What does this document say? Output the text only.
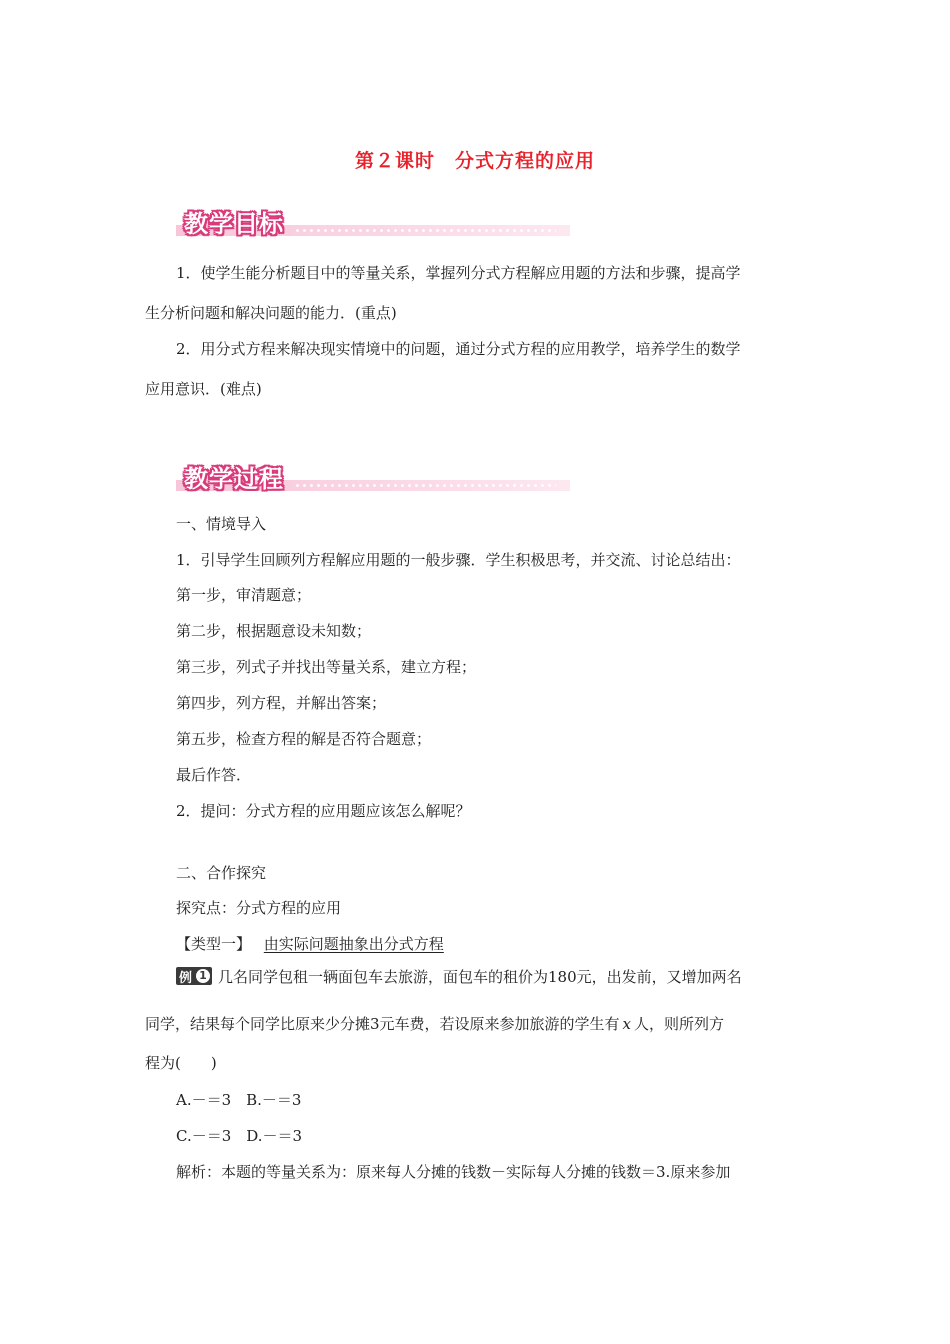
第２课时　分式方程的应用
教学目标
1．使学生能分析题目中的等量关系，掌握列分式方程解应用题的方法和步骤，提高学
生分析问题和解决问题的能力．(重点)
2．用分式方程来解决现实情境中的问题，通过分式方程的应用教学，培养学生的数学
应用意识．(难点)
教学过程
一、情境导入
1．引导学生回顾列方程解应用题的一般步骤．学生积极思考，并交流、讨论总结出：
第一步，审清题意；
第二步，根据题意设未知数；
第三步，列式子并找出等量关系，建立方程；
第四步，列方程，并解出答案；
第五步，检查方程的解是否符合题意；
最后作答．
2．提问：分式方程的应用题应该怎么解呢？
二、合作探究
探究点：分式方程的应用
【类型一】 由实际问题抽象出分式方程
例 1 几名同学包租一辆面包车去旅游，面包车的租价为180元，出发前，又增加两名
同学，结果每个同学比原来少分摊3元车费，若设原来参加旅游的学生有 x 人，则所列方
程为(　　)
A.－＝3　B.－＝3
C.－＝3　D.－＝3
解析：本题的等量关系为：原来每人分摊的钱数－实际每人分摊的钱数＝3.原来参加
